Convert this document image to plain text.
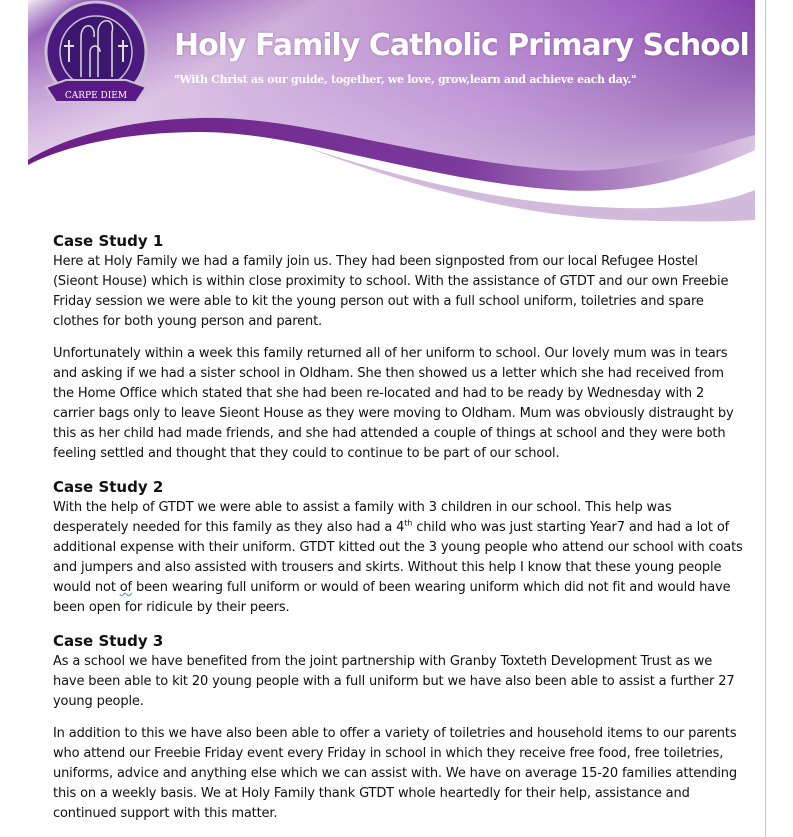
CARPE DIEM
Holy Family Catholic Primary School
"With Christ as our guide, together, we love, grow,learn and achieve each day."
Case Study 1
Here at Holy Family we had a family join us. They had been signposted from our local Refugee Hostel
(Sieont House) which is within close proximity to school. With the assistance of GTDT and our own Freebie
Friday session we were able to kit the young person out with a full school uniform, toiletries and spare
clothes for both young person and parent.
Unfortunately within a week this family returned all of her uniform to school. Our lovely mum was in tears
and asking if we had a sister school in Oldham. She then showed us a letter which she had received from
the Home Office which stated that she had been re-located and had to be ready by Wednesday with 2
carrier bags only to leave Sieont House as they were moving to Oldham. Mum was obviously distraught by
this as her child had made friends, and she had attended a couple of things at school and they were both
feeling settled and thought that they could to continue to be part of our school.
Case Study 2
With the help of GTDT we were able to assist a family with 3 children in our school. This help was
desperately needed for this family as they also had a 4th child who was just starting Year7 and had a lot of
additional expense with their uniform. GTDT kitted out the 3 young people who attend our school with coats
and jumpers and also assisted with trousers and skirts. Without this help I know that these young people
would not of been wearing full uniform or would of been wearing uniform which did not fit and would have
been open for ridicule by their peers.
Case Study 3
As a school we have benefited from the joint partnership with Granby Toxteth Development Trust as we
have been able to kit 20 young people with a full uniform but we have also been able to assist a further 27
young people.
In addition to this we have also been able to offer a variety of toiletries and household items to our parents
who attend our Freebie Friday event every Friday in school in which they receive free food, free toiletries,
uniforms, advice and anything else which we can assist with. We have on average 15-20 families attending
this on a weekly basis. We at Holy Family thank GTDT whole heartedly for their help, assistance and
continued support with this matter.
